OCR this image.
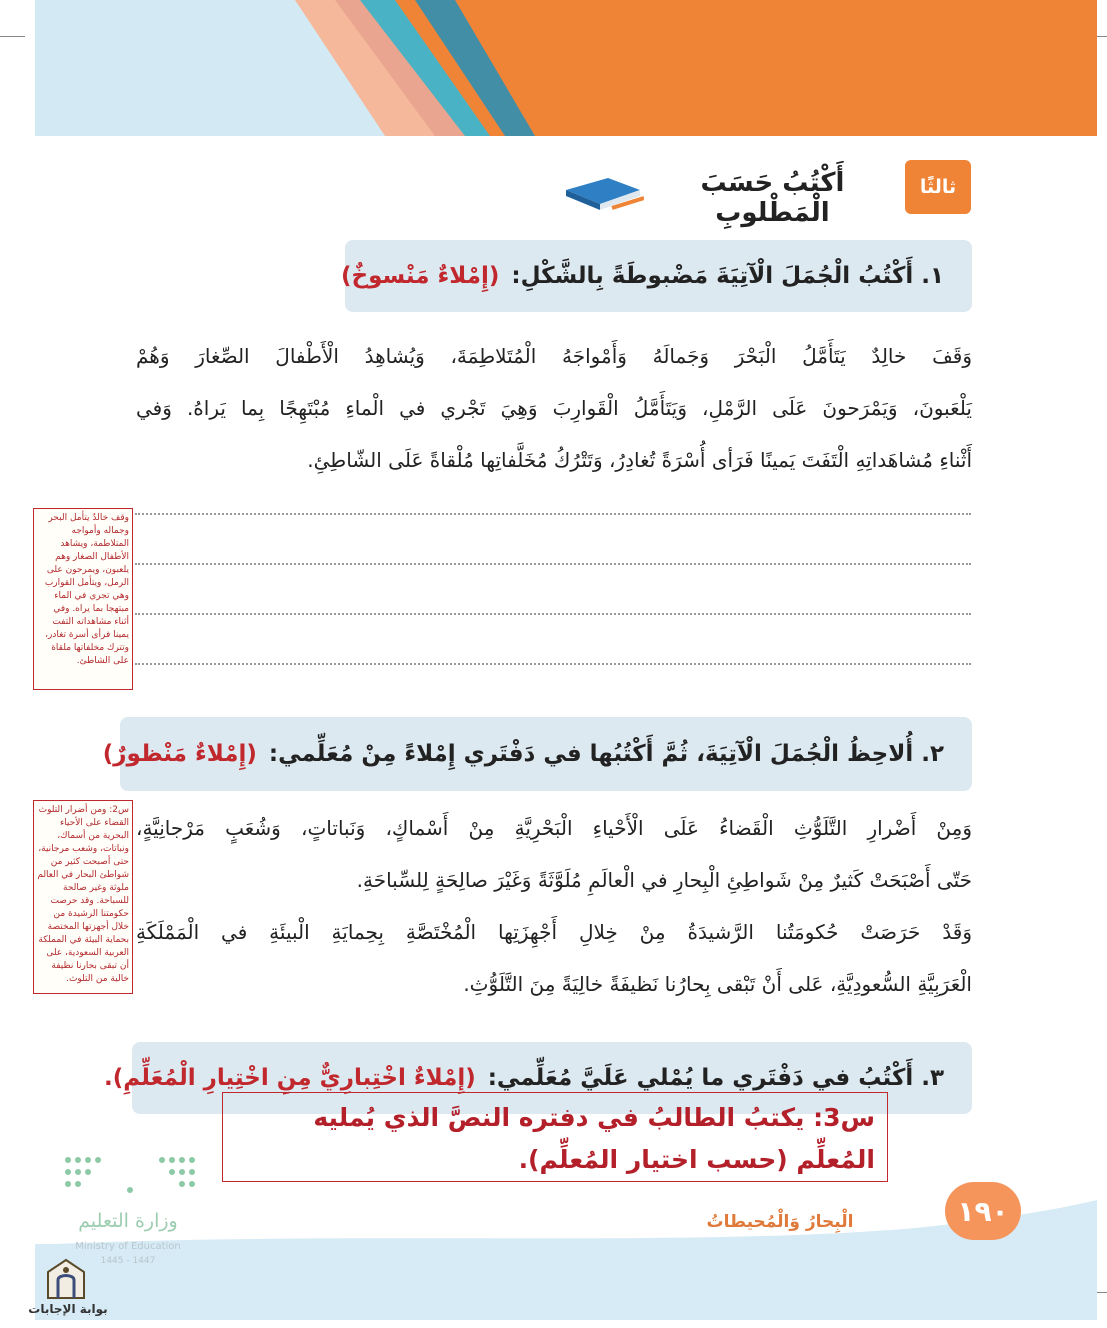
ثالثًا
أَكْتُبُ حَسَبَ الْمَطْلوبِ
١. أَكْتُبُ الْجُمَلَ الْآتِيَةَ مَضْبوطَةً بِالشَّكْلِ:
(إِمْلاءٌ مَنْسوخٌ)
وَقَفَ خالِدٌ يَتَأَمَّلُ الْبَحْرَ وَجَمالَهُ وَأَمْواجَهُ الْمُتَلاطِمَةَ، وَيُشاهِدُ الْأَطْفالَ الصِّغارَ وَهُمْ
يَلْعَبونَ، وَيَمْرَحونَ عَلَى الرَّمْلِ، وَيَتَأَمَّلُ الْقَوارِبَ وَهِيَ تَجْري في الْماءِ مُبْتَهِجًا بِما يَراهُ. وَفي
أَثْناءِ مُشاهَداتِهِ الْتَفَتَ يَمينًا فَرَأى أُسْرَةً تُغادِرُ، وَتَتْرُكُ مُخَلَّفاتِها مُلْقاةً عَلَى الشّاطِئِ.
وقف خالدٌ يتأمل البحر وجماله وأمواجه المتلاطمة، ويشاهد الأطفال الصغار وهم يلعبون، ويمرحون على الرمل، ويتأمل القوارب وهي تجري في الماء مبتهجا بما يراه. وفي أثناء مشاهداته التفت يمينا فرأى أسرة تغادر، وتترك مخلفاتها ملقاة على الشاطئ.
٢. أُلاحِظُ الْجُمَلَ الْآتِيَةَ، ثُمَّ أَكْتُبُها في دَفْتَري إِمْلاءً مِنْ مُعَلِّمي:
(إِمْلاءٌ مَنْظورٌ)
وَمِنْ أَضْرارِ التَّلَوُّثِ الْقَضاءُ عَلَى الْأَحْياءِ الْبَحْرِيَّةِ مِنْ أَسْماكٍ، وَنَباتاتٍ، وَشُعَبٍ مَرْجانِيَّةٍ،
حَتّى أَصْبَحَتْ كَثيرٌ مِنْ شَواطِئِ الْبِحارِ في الْعالَمِ مُلَوَّثَةً وَغَيْرَ صالِحَةٍ لِلسِّباحَةِ.
وَقَدْ حَرَصَتْ حُكومَتُنا الرَّشيدَةُ مِنْ خِلالِ أَجْهِزَتِها الْمُخْتَصَّةِ بِحِمايَةِ الْبيئَةِ في الْمَمْلَكَةِ
الْعَرَبِيَّةِ السُّعودِيَّةِ، عَلى أَنْ تَبْقى بِحارُنا نَظيفَةً خالِيَةً مِنَ التَّلَوُّثِ.
س2: ومن أضرار التلوث القضاء على الأحياء البحرية من أسماك، ونباتات، وشعب مرجانية، حتى أصبحت كثير من شواطئ البحار في العالم ملوثة وغير صالحة للسباحة. وقد حرصت حكومتنا الرشيدة من خلال أجهزتها المختصة بحماية البيئة في المملكة العربية السعودية، على أن تبقى بحارنا نظيفة خالية من التلوث.
٣. أَكْتُبُ في دَفْتَري ما يُمْلي عَلَيَّ مُعَلِّمي:
(إِمْلاءٌ اخْتِبارِيٌّ مِنِ اخْتِيارِ الْمُعَلِّمِ).
س3: يكتبُ الطالبُ في دفتره النصَّ الذي يُمليه المُعلِّم (حسب اختيار المُعلِّم).
١٩٠
الْبِحارُ وَالْمُحيطاتُ
وزارة التعليم
Ministry of Education
1445 - 1447
بوابة الإجابات
